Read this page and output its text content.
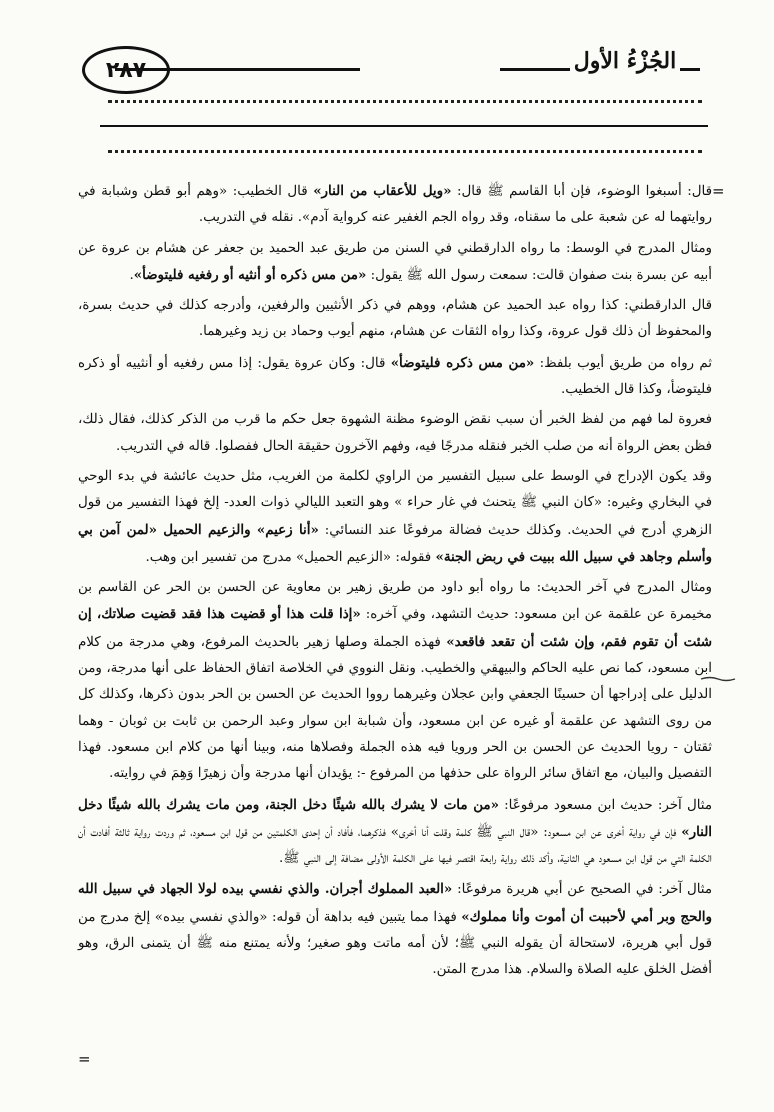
٢٨٧	الجُزْءُ الأول
=

قال: أسبغوا الوضوء، فإن أبا القاسم ﷺ قال: «ويل للأعقاب من النار» قال الخطيب: «وهم أبو قطن وشبابة في روايتهما له عن شعبة على ما سقناه، وقد رواه الجم الغفير عنه كرواية آدم». نقله في التدريب.

ومثال المدرج في الوسط: ما رواه الدارقطني في السنن من طريق عبد الحميد بن جعفر عن هشام بن عروة عن أبيه عن بسرة بنت صفوان قالت: سمعت رسول الله ﷺ يقول: «من مس ذكره أو أنثيه أو رفغيه فليتوضأ».

قال الدارقطني: كذا رواه عبد الحميد عن هشام، ووهم في ذكر الأنثيين والرفغين، وأدرجه كذلك في حديث بسرة، والمحفوظ أن ذلك قول عروة، وكذا رواه الثقات عن هشام، منهم أيوب وحماد بن زيد وغيرهما.

ثم رواه من طريق أيوب بلفظ: «من مس ذكره فليتوضأ» قال: وكان عروة يقول: إذا مس رفغيه أو أنثييه أو ذكره فليتوضأ، وكذا قال الخطيب.

فعروة لما فهم من لفظ الخبر أن سبب نقض الوضوء مظنة الشهوة جعل حكم ما قرب من الذكر كذلك، فقال ذلك، فظن بعض الرواة أنه من صلب الخبر فنقله مدرجًا فيه، وفهم الآخرون حقيقة الحال ففصلوا. قاله في التدريب.

وقد يكون الإدراج في الوسط على سبيل التفسير من الراوي لكلمة من الغريب، مثل حديث عائشة في بدء الوحي في البخاري وغيره: «كان النبي ﷺ يتحنث في غار حراء » وهو التعبد الليالي ذوات العدد- إلخ فهذا التفسير من قول الزهري أدرج في الحديث. وكذلك حديث فضالة مرفوعًا عند النسائي: «أنا زعيم» والزعيم الحميل «لمن آمن بي وأسلم وجاهد في سبيل الله ببيت في ربض الجنة» فقوله: «الزعيم الحميل» مدرج من تفسير ابن وهب.

ومثال المدرج في آخر الحديث: ما رواه أبو داود من طريق زهير بن معاوية عن الحسن بن الحر عن القاسم بن مخيمرة عن علقمة عن ابن مسعود: حديث التشهد، وفي آخره: «إذا قلت هذا أو قضيت هذا فقد قضيت صلاتك، إن شئت أن تقوم فقم، وإن شئت أن تقعد فاقعد» فهذه الجملة وصلها زهير بالحديث المرفوع، وهي مدرجة من كلام ابن مسعود، كما نص عليه الحاكم والبيهقي والخطيب. ونقل النووي في الخلاصة اتفاق الحفاظ على أنها مدرجة، ومن الدليل على إدراجها أن حسينًا الجعفي وابن عجلان وغيرهما رووا الحديث عن الحسن بن الحر بدون ذكرها، وكذلك كل من روى التشهد عن علقمة أو غيره عن ابن مسعود، وأن شبابة ابن سوار وعبد الرحمن بن ثابت بن ثوبان - وهما ثقتان - رويا الحديث عن الحسن بن الحر ورويا فيه هذه الجملة وفصلاها منه، وبينا أنها من كلام ابن مسعود. فهذا التفصيل والبيان، مع اتفاق سائر الرواة على حذفها من المرفوع -: يؤيدان أنها مدرجة وأن زهيرًا وَهِمَ في روايته.

مثال آخر: حديث ابن مسعود مرفوعًا: «من مات لا يشرك بالله شيئًا دخل الجنة، ومن مات يشرك بالله شيئًا دخل النار» فإن في رواية أخرى عن ابن مسعود: «قال النبي ﷺ كلمة وقلت أنا أخرى» فذكرهما، فأفاد أن إحدى الكلمتين من قول ابن مسعود، ثم وردت رواية ثالثة أفادت أن الكلمة التي من قول ابن مسعود هي الثانية، وأكد ذلك رواية رابعة اقتصر فيها على الكلمة الأولى مضافة إلى النبي ﷺ.

مثال آخر: في الصحيح عن أبي هريرة مرفوعًا: «العبد المملوك أجران. والذي نفسي بيده لولا الجهاد في سبيل الله والحج وبر أمي لأحببت أن أموت وأنا مملوك» فهذا مما يتبين فيه بداهة أن قوله: «والذي نفسي بيده» إلخ مدرج من قول أبي هريرة، لاستحالة أن يقوله النبي ﷺ؛ لأن أمه ماتت وهو صغير؛ ولأنه يمتنع منه ﷺ أن يتمنى الرق، وهو أفضل الخلق عليه الصلاة والسلام. هذا مدرج المتن.

=
